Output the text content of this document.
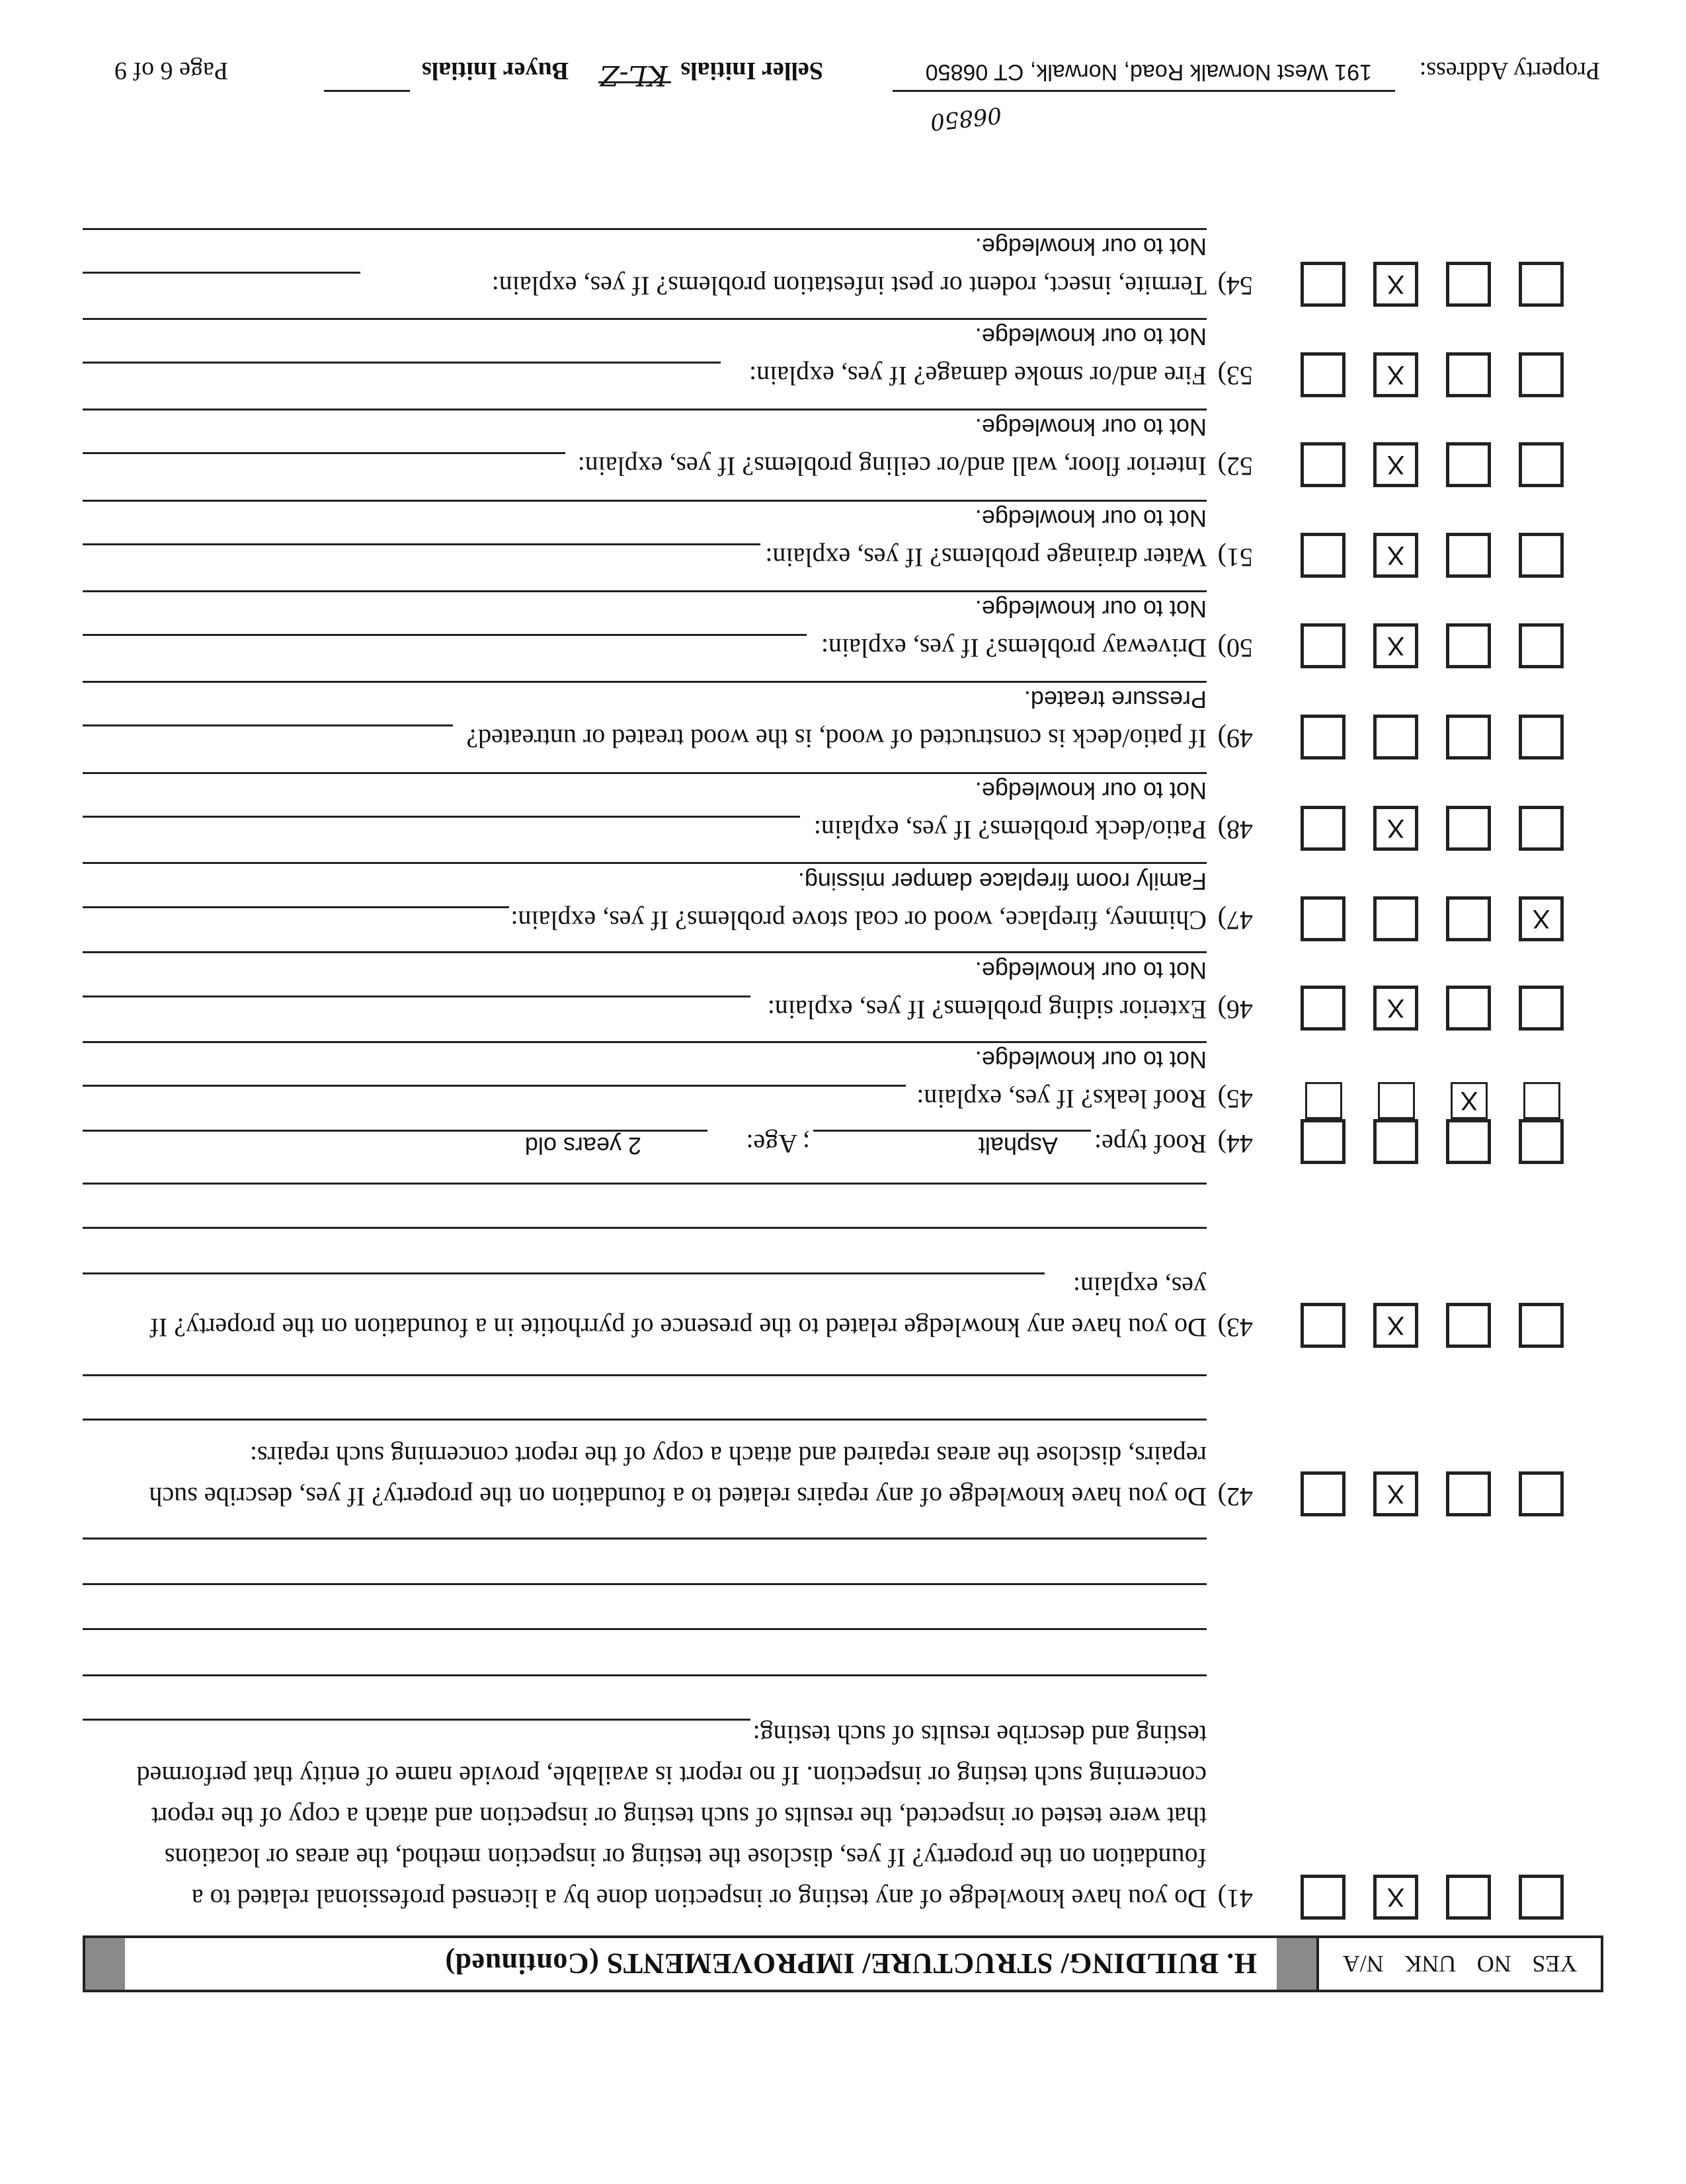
YES
NO
UNK
N/A
H. BUILDING/ STRUCTURE/ IMPROVEMENTS (Continued)
X
41)
Do you have knowledge of any testing or inspection done by a licensed professional related to a
foundation on the property? If yes, disclose the testing or inspection method, the areas or locations
that were tested or inspected, the results of such testing or inspection and attach a copy of the report
concerning such testing or inspection. If no report is available, provide name of entity that performed
testing and describe results of such testing:
X
42)
Do you have knowledge of any repairs related to a foundation on the property? If yes, describe such
repairs, disclose the areas repaired and attach a copy of the report concerning such repairs:
X
43)
Do you have any knowledge related to the presence of pyrrhotite in a foundation on the property? If
yes, explain:
44)
Roof type:
Asphalt
; Age:
2 years old
X
45)
Roof leaks? If yes, explain:
Not to our knowledge.
X
46)
Exterior siding problems? If yes, explain:
Not to our knowledge.
X
47)
Chimney, fireplace, wood or coal stove problems? If yes, explain:
Family room fireplace damper missing.
X
48)
Patio/deck problems? If yes, explain:
Not to our knowledge.
49)
If patio/deck is constructed of wood, is the wood treated or untreated?
Pressure treated.
X
50)
Driveway problems? If yes, explain:
Not to our knowledge.
X
51)
Water drainage problems? If yes, explain:
Not to our knowledge.
X
52)
Interior floor, wall and/or ceiling problems? If yes, explain:
Not to our knowledge.
X
53)
Fire and/or smoke damage? If yes, explain:
Not to our knowledge.
X
54)
Termite, insect, rodent or pest infestation problems? If yes, explain:
Not to our knowledge.
Property Address:
191 West Norwalk Road, Norwalk, CT 06850
06850
Seller Initials
KL-Z
Buyer Initials
Page 6 of 9
